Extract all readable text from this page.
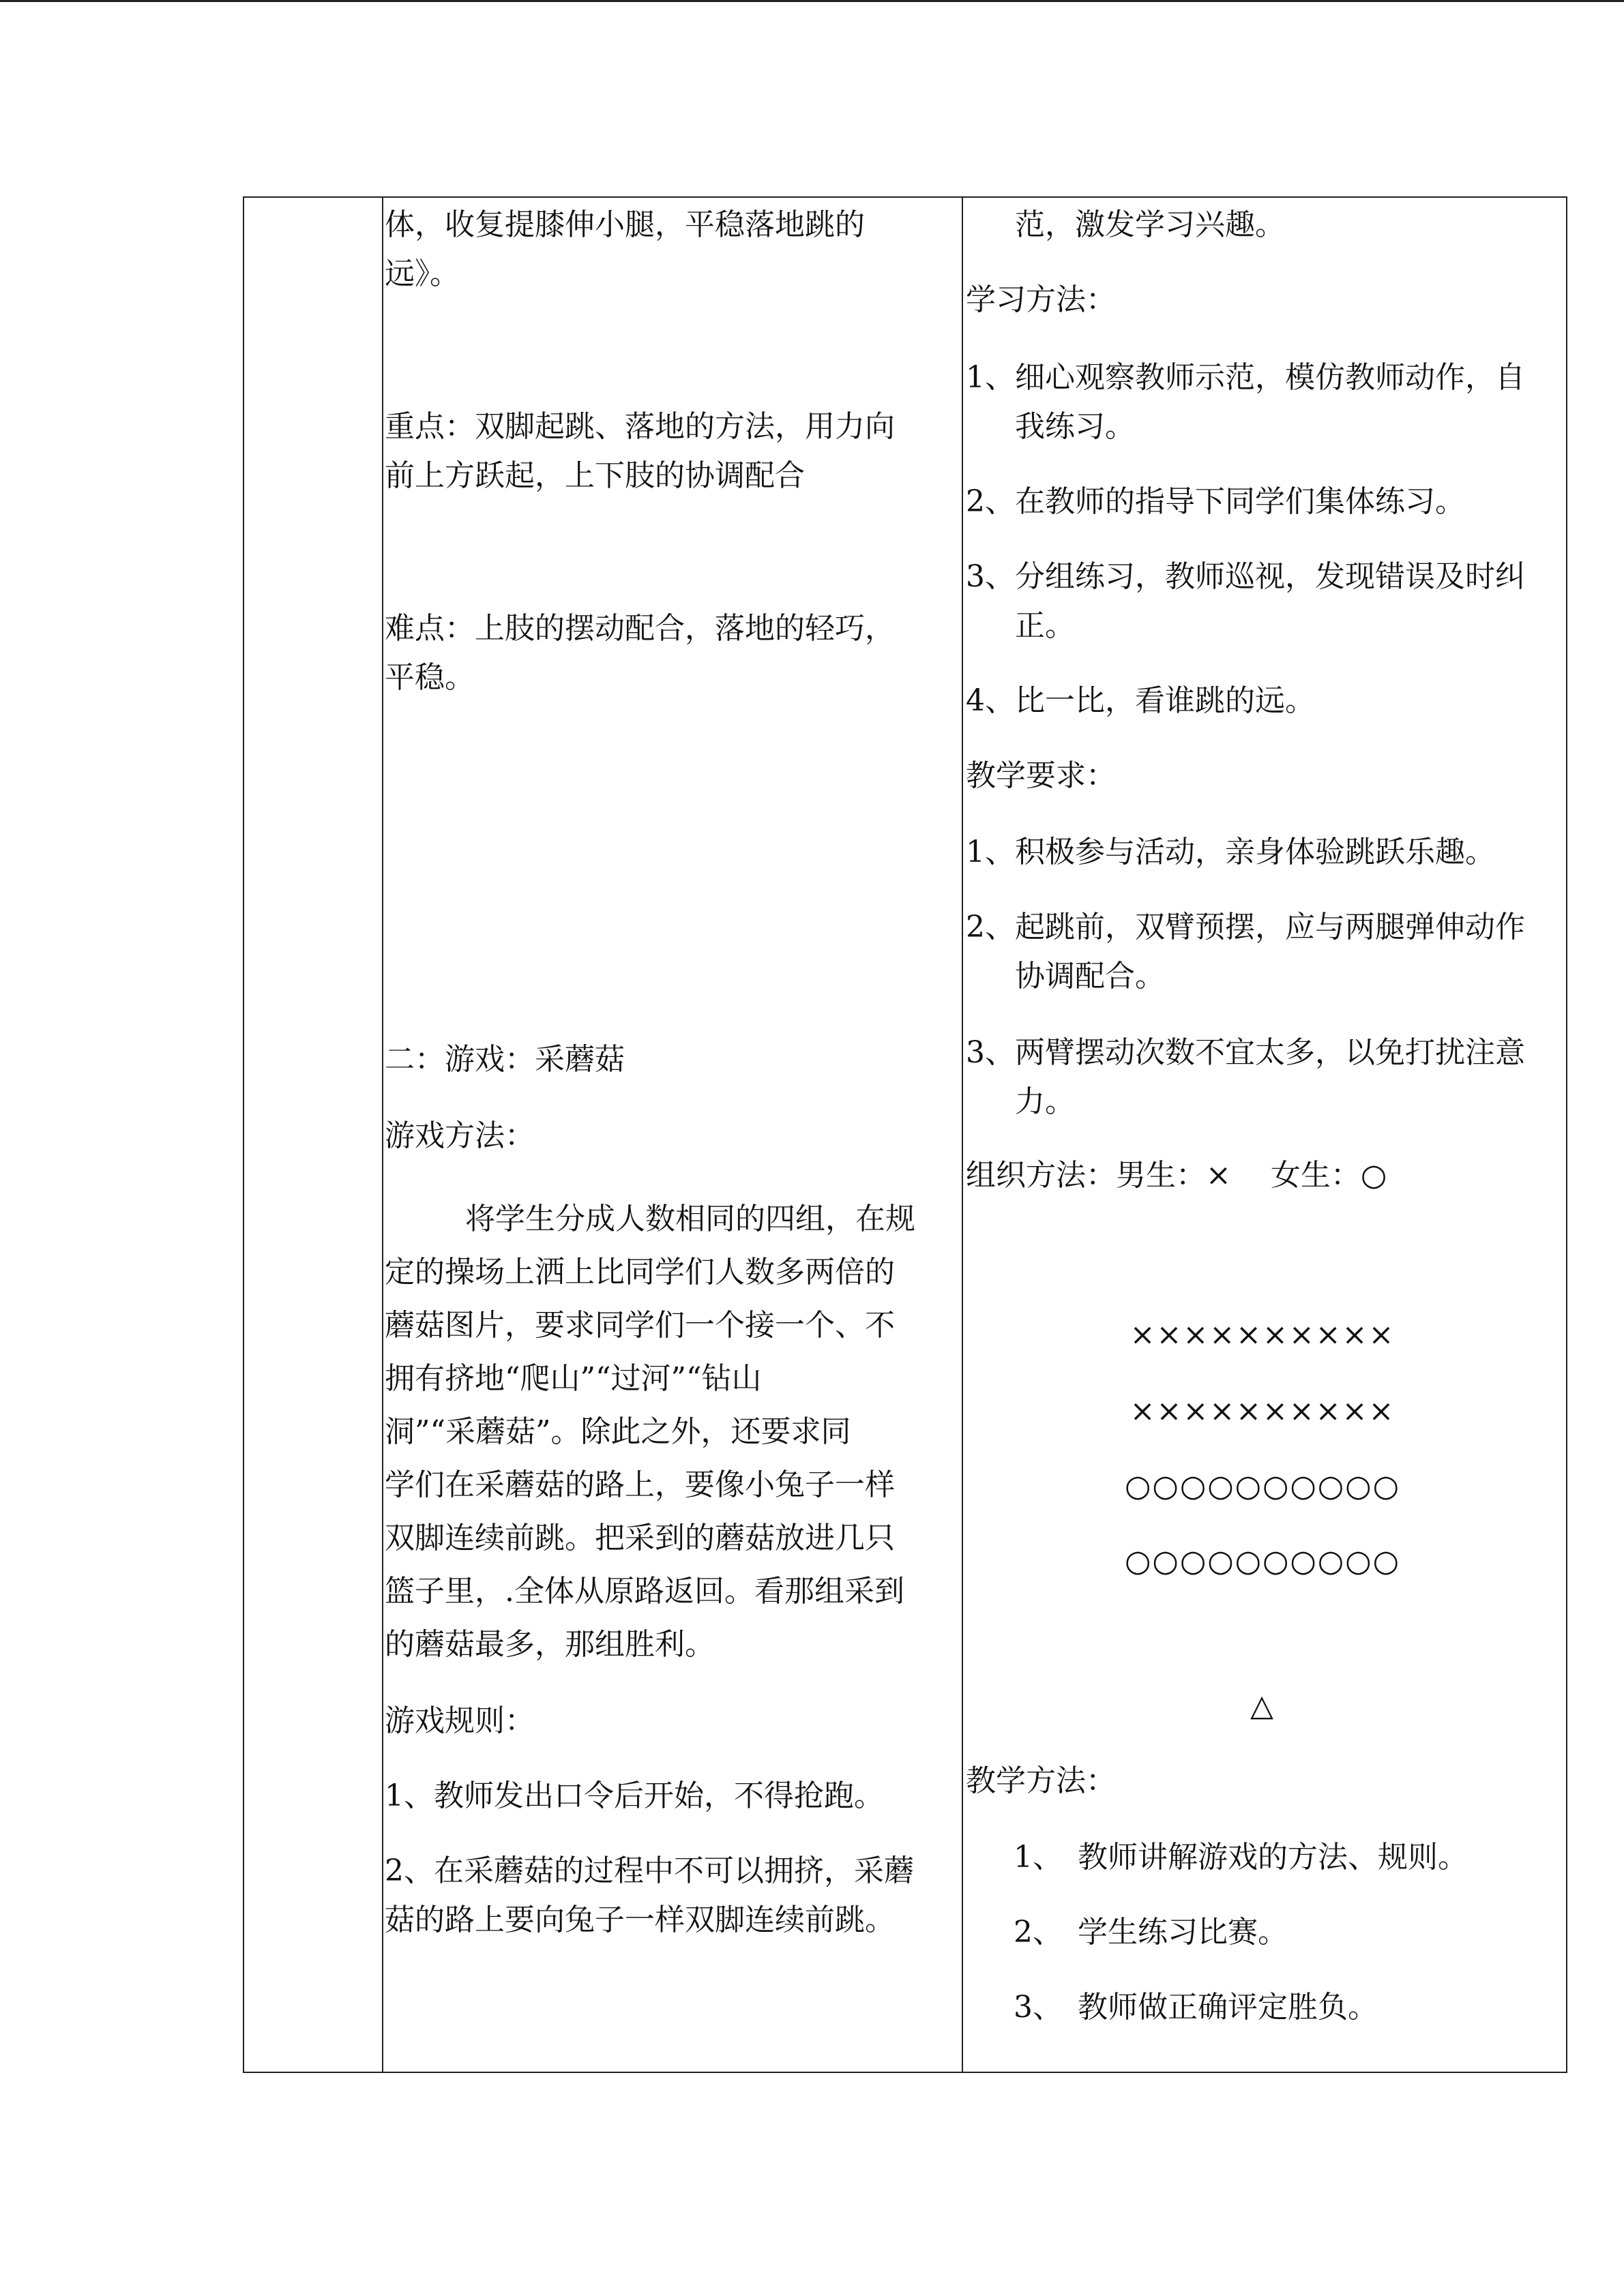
体，收复提膝伸小腿，平稳落地跳的
远》。
重点：双脚起跳、落地的方法，用力向
前上方跃起，上下肢的协调配合
难点：上肢的摆动配合，落地的轻巧，
平稳。
二：游戏：采蘑菇
游戏方法：
将学生分成人数相同的四组，在规
定的操场上洒上比同学们人数多两倍的
蘑菇图片，要求同学们一个接一个、不
拥有挤地“爬山”“过河”“钻山
洞”“采蘑菇”。除此之外，还要求同
学们在采蘑菇的路上，要像小兔子一样
双脚连续前跳。把采到的蘑菇放进几只
篮子里，.全体从原路返回。看那组采到
的蘑菇最多，那组胜利。
游戏规则：
1、教师发出口令后开始，不得抢跑。
2、在采蘑菇的过程中不可以拥挤，采蘑
菇的路上要向兔子一样双脚连续前跳。
范，激发学习兴趣。
学习方法：
1、 细心观察教师示范，模仿教师动作，自我练习。
2、 在教师的指导下同学们集体练习。
3、 分组练习，教师巡视，发现错误及时纠正。
4、 比一比，看谁跳的远。
教学要求：
1、 积极参与活动，亲身体验跳跃乐趣。
2、 起跳前，双臂预摆，应与两腿弹伸动作协调配合。
3、 两臂摆动次数不宜太多，以免打扰注意力。
组织方法：男生：×　 女生：○
××××××××××
××××××××××
○○○○○○○○○○
○○○○○○○○○○
△
教学方法：
1、 教师讲解游戏的方法、规则。
2、 学生练习比赛。
3、 教师做正确评定胜负。
